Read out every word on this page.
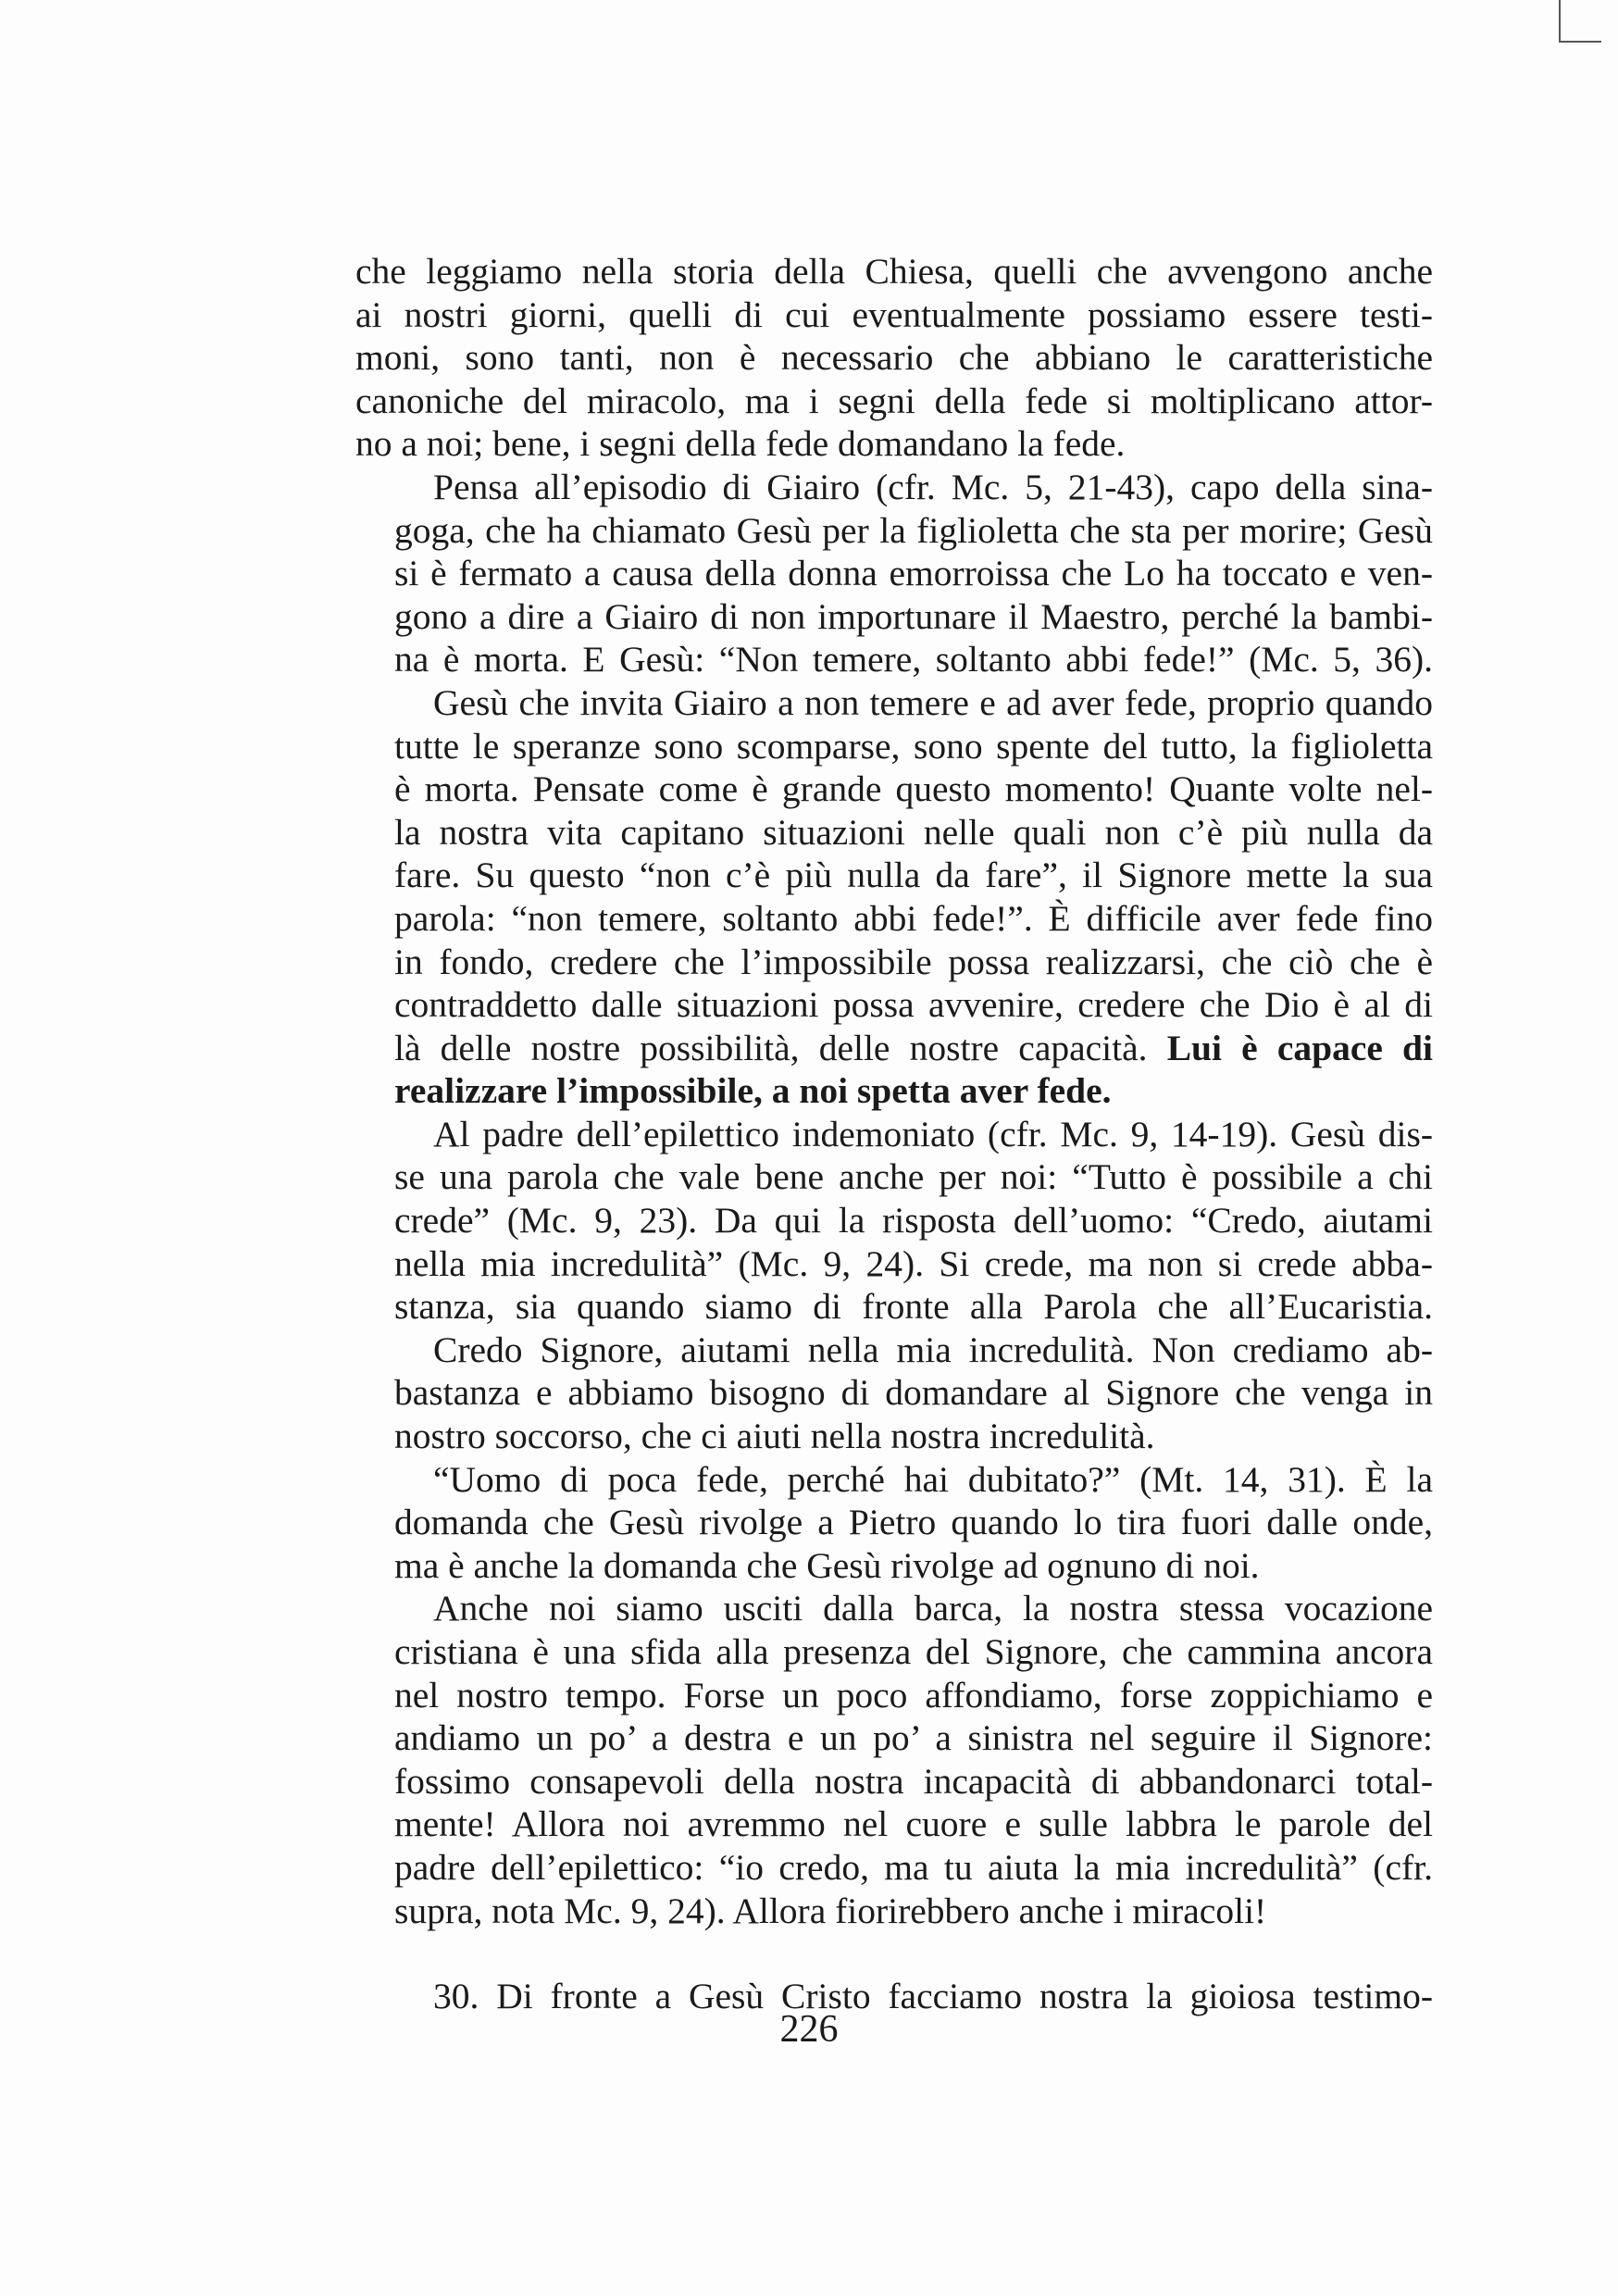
che leggiamo nella storia della Chiesa, quelli che avvengono anche
ai nostri giorni, quelli di cui eventualmente possiamo essere testi-
moni, sono tanti, non è necessario che abbiano le caratteristiche
canoniche del miracolo, ma i segni della fede si moltiplicano attor-
no a noi; bene, i segni della fede domandano la fede.

Pensa all’episodio di Giairo (cfr. Mc. 5, 21-43), capo della sina-
goga, che ha chiamato Gesù per la figlioletta che sta per morire; Gesù
si è fermato a causa della donna emorroissa che Lo ha toccato e ven-
gono a dire a Giairo di non importunare il Maestro, perché la bambi-
na è morta. E Gesù: “Non temere, soltanto abbi fede!” (Mc. 5, 36).

Gesù che invita Giairo a non temere e ad aver fede, proprio quando
tutte le speranze sono scomparse, sono spente del tutto, la figlioletta
è morta. Pensate come è grande questo momento! Quante volte nel-
la nostra vita capitano situazioni nelle quali non c’è più nulla da
fare. Su questo “non c’è più nulla da fare”, il Signore mette la sua
parola: “non temere, soltanto abbi fede!”. È difficile aver fede fino
in fondo, credere che l’impossibile possa realizzarsi, che ciò che è
contraddetto dalle situazioni possa avvenire, credere che Dio è al di
là delle nostre possibilità, delle nostre capacità. Lui è capace di
realizzare l’impossibile, a noi spetta aver fede.

Al padre dell’epilettico indemoniato (cfr. Mc. 9, 14-19). Gesù dis-
se una parola che vale bene anche per noi: “Tutto è possibile a chi
crede” (Mc. 9, 23). Da qui la risposta dell’uomo: “Credo, aiutami
nella mia incredulità” (Mc. 9, 24). Si crede, ma non si crede abba-
stanza, sia quando siamo di fronte alla Parola che all’Eucaristia.

Credo Signore, aiutami nella mia incredulità. Non crediamo ab-
bastanza e abbiamo bisogno di domandare al Signore che venga in
nostro soccorso, che ci aiuti nella nostra incredulità.

“Uomo di poca fede, perché hai dubitato?” (Mt. 14, 31). È la
domanda che Gesù rivolge a Pietro quando lo tira fuori dalle onde,
ma è anche la domanda che Gesù rivolge ad ognuno di noi.

Anche noi siamo usciti dalla barca, la nostra stessa vocazione
cristiana è una sfida alla presenza del Signore, che cammina ancora
nel nostro tempo. Forse un poco affondiamo, forse zoppichiamo e
andiamo un po’ a destra e un po’ a sinistra nel seguire il Signore:
fossimo consapevoli della nostra incapacità di abbandonarci total-
mente! Allora noi avremmo nel cuore e sulle labbra le parole del
padre dell’epilettico: “io credo, ma tu aiuta la mia incredulità” (cfr.
supra, nota Mc. 9, 24). Allora fiorirebbero anche i miracoli!

30. Di fronte a Gesù Cristo facciamo nostra la gioiosa testimo-

226
